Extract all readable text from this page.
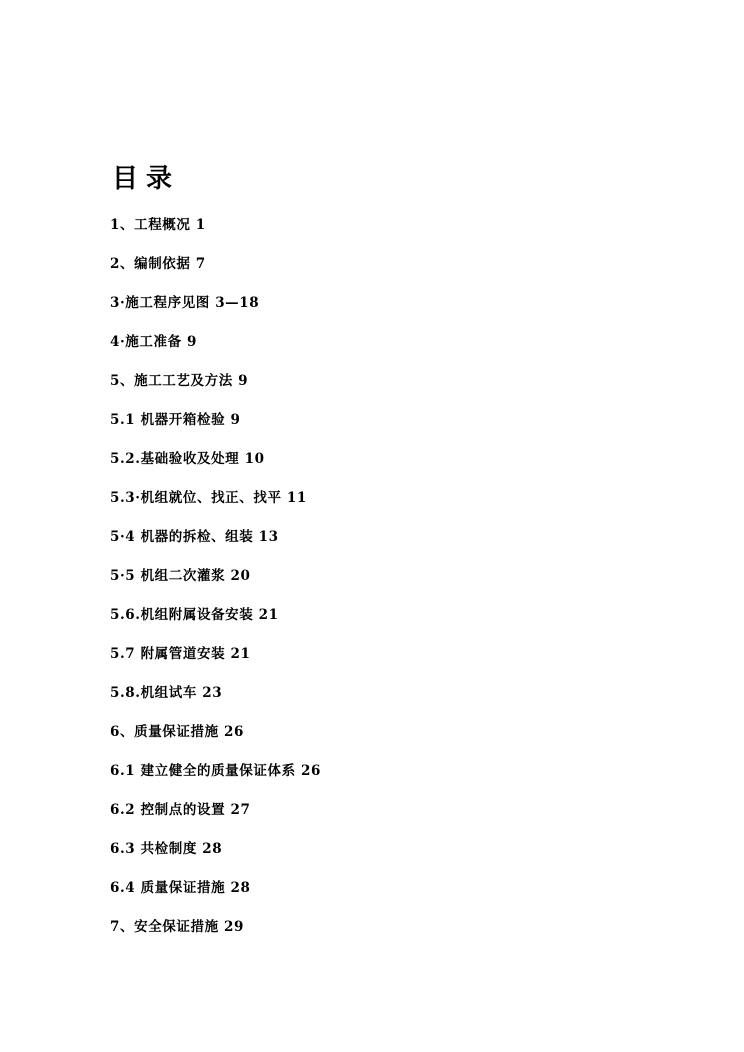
目录
1、工程概况 1
2、编制依据 7
3·施工程序见图 3—18
4·施工准备 9
5、施工工艺及方法 9
5.1 机器开箱检验 9
5.2.基础验收及处理 10
5.3·机组就位、找正、找平 11
5·4 机器的拆检、组装 13
5·5 机组二次灌浆 20
5.6.机组附属设备安装 21
5.7 附属管道安装 21
5.8.机组试车 23
6、质量保证措施 26
6.1 建立健全的质量保证体系 26
6.2 控制点的设置 27
6.3 共检制度 28
6.4 质量保证措施 28
7、安全保证措施 29
